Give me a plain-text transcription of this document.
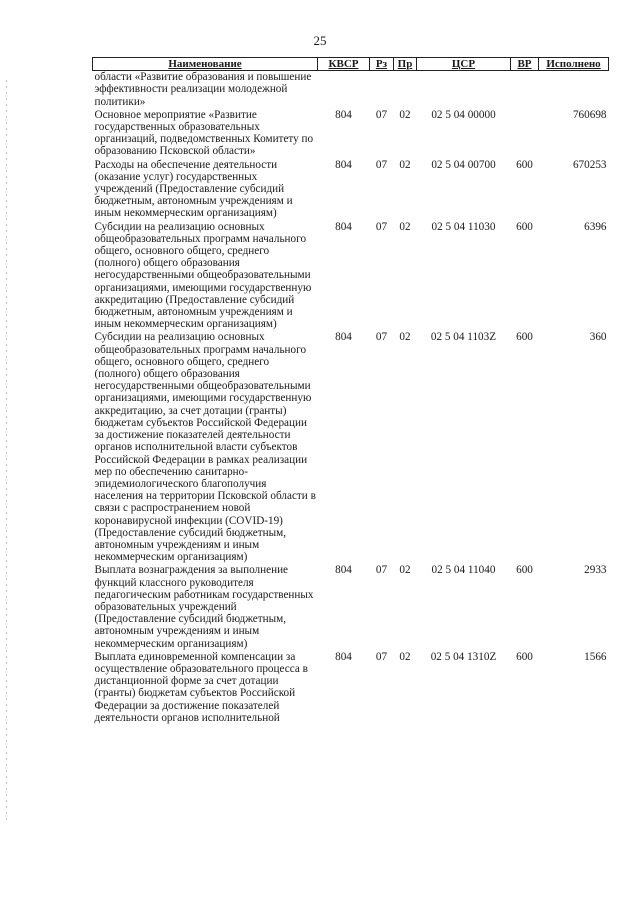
25
Наименование	КВСР	Рз	Пр	ЦСР	ВР	Исполнено
области «Развитие образования и повышение эффективности реализации молодежной политики»						
Основное мероприятие «Развитие государственных образовательных организаций, подведомственных Комитету по образованию Псковской области»	804	07	02	02 5 04 00000		760698
Расходы на обеспечение деятельности (оказание услуг) государственных учреждений (Предоставление субсидий бюджетным, автономным учреждениям и иным некоммерческим организациям)	804	07	02	02 5 04 00700	600	670253
Субсидии на реализацию основных общеобразовательных программ начального общего, основного общего, среднего (полного) общего образования негосударственными общеобразовательными организациями, имеющими государственную аккредитацию (Предоставление субсидий бюджетным, автономным учреждениям и иным некоммерческим организациям)	804	07	02	02 5 04 11030	600	6396
Субсидии на реализацию основных общеобразовательных программ начального общего, основного общего, среднего (полного) общего образования негосударственными общеобразовательными организациями, имеющими государственную аккредитацию, за счет дотации (гранты) бюджетам субъектов Российской Федерации за достижение показателей деятельности органов исполнительной власти субъектов Российской Федерации в рамках реализации мер по обеспечению санитарно-эпидемиологического благополучия населения на территории Псковской области в связи с распространением новой коронавирусной инфекции (COVID-19) (Предоставление субсидий бюджетным, автономным учреждениям и иным некоммерческим организациям)	804	07	02	02 5 04 1103Z	600	360
Выплата вознаграждения за выполнение функций классного руководителя педагогическим работникам государственных образовательных учреждений (Предоставление субсидий бюджетным, автономным учреждениям и иным некоммерческим организациям)	804	07	02	02 5 04 11040	600	2933
Выплата единовременной компенсации за осуществление образовательного процесса в дистанционной форме за счет дотации (гранты) бюджетам субъектов Российской Федерации за достижение показателей деятельности органов исполнительной	804	07	02	02 5 04 1310Z	600	1566
